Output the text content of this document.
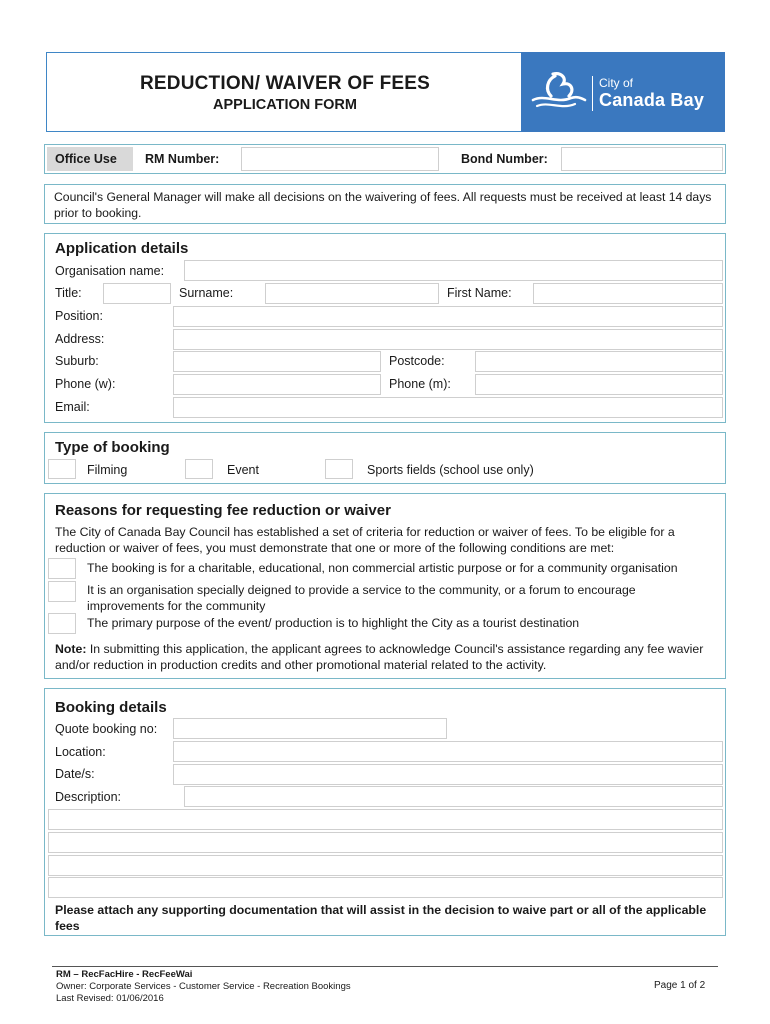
REDUCTION/ WAIVER OF FEES
APPLICATION FORM
City of
Canada Bay
Office Use	RM Number:	Bond Number:
Council's General Manager will make all decisions on the waivering of fees. All requests must be received at least 14 days prior to booking.
Application details
Organisation name:
Title:	Surname:	First Name:
Position:
Address:
Suburb:	Postcode:
Phone (w):	Phone (m):
Email:
Type of booking
Filming	Event	Sports fields (school use only)
Reasons for requesting fee reduction or waiver
The City of Canada Bay Council has established a set of criteria for reduction or waiver of fees. To be eligible for a reduction or waiver of fees, you must demonstrate that one or more of the following conditions are met:
The booking is for a charitable, educational, non commercial artistic purpose or for a community organisation
It is an organisation specially deigned to provide a service to the community, or a forum to encourage improvements for the community
The primary purpose of the event/ production is to highlight the City as a tourist destination
Note: In submitting this application, the applicant agrees to acknowledge Council's assistance regarding any fee wavier and/or reduction in production credits and other promotional material related to the activity.
Booking details
Quote booking no:
Location:
Date/s:
Description:
Please attach any supporting documentation that will assist in the decision to waive part or all of the applicable fees
RM – RecFacHire - RecFeeWai
Owner: Corporate Services - Customer Service - Recreation Bookings
Last Revised: 01/06/2016
Page 1 of 2
